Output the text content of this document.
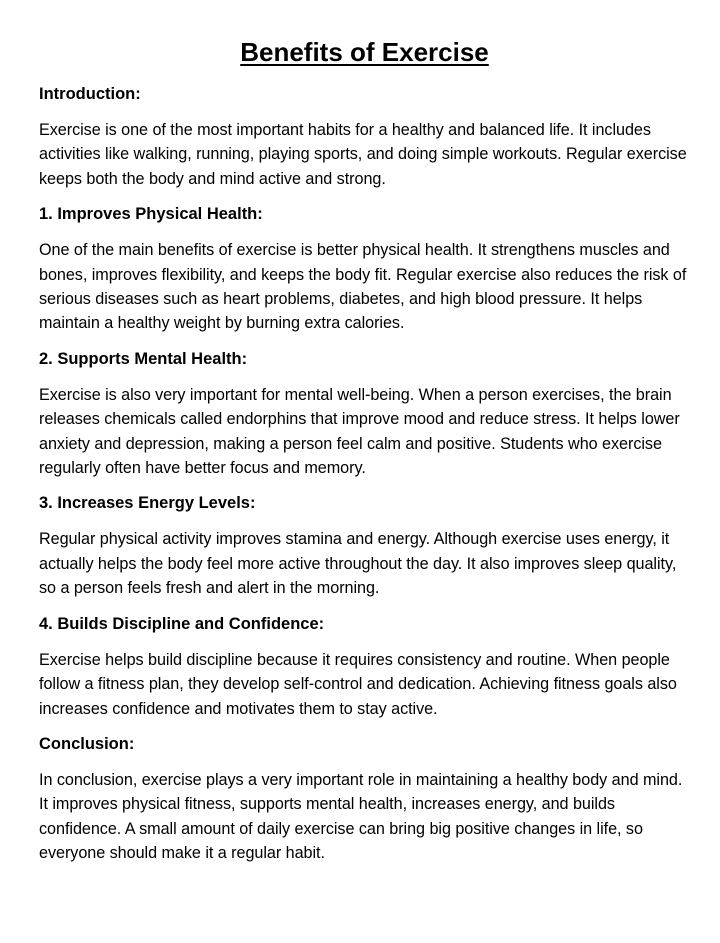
Benefits of Exercise

Introduction:

Exercise is one of the most important habits for a healthy and balanced life. It includes activities like walking, running, playing sports, and doing simple workouts. Regular exercise keeps both the body and mind active and strong.

1. Improves Physical Health:

One of the main benefits of exercise is better physical health. It strengthens muscles and bones, improves flexibility, and keeps the body fit. Regular exercise also reduces the risk of serious diseases such as heart problems, diabetes, and high blood pressure. It helps maintain a healthy weight by burning extra calories.

2. Supports Mental Health:

Exercise is also very important for mental well-being. When a person exercises, the brain releases chemicals called endorphins that improve mood and reduce stress. It helps lower anxiety and depression, making a person feel calm and positive. Students who exercise regularly often have better focus and memory.

3. Increases Energy Levels:

Regular physical activity improves stamina and energy. Although exercise uses energy, it actually helps the body feel more active throughout the day. It also improves sleep quality, so a person feels fresh and alert in the morning.

4. Builds Discipline and Confidence:

Exercise helps build discipline because it requires consistency and routine. When people follow a fitness plan, they develop self-control and dedication. Achieving fitness goals also increases confidence and motivates them to stay active.

Conclusion:

In conclusion, exercise plays a very important role in maintaining a healthy body and mind. It improves physical fitness, supports mental health, increases energy, and builds confidence. A small amount of daily exercise can bring big positive changes in life, so everyone should make it a regular habit.
